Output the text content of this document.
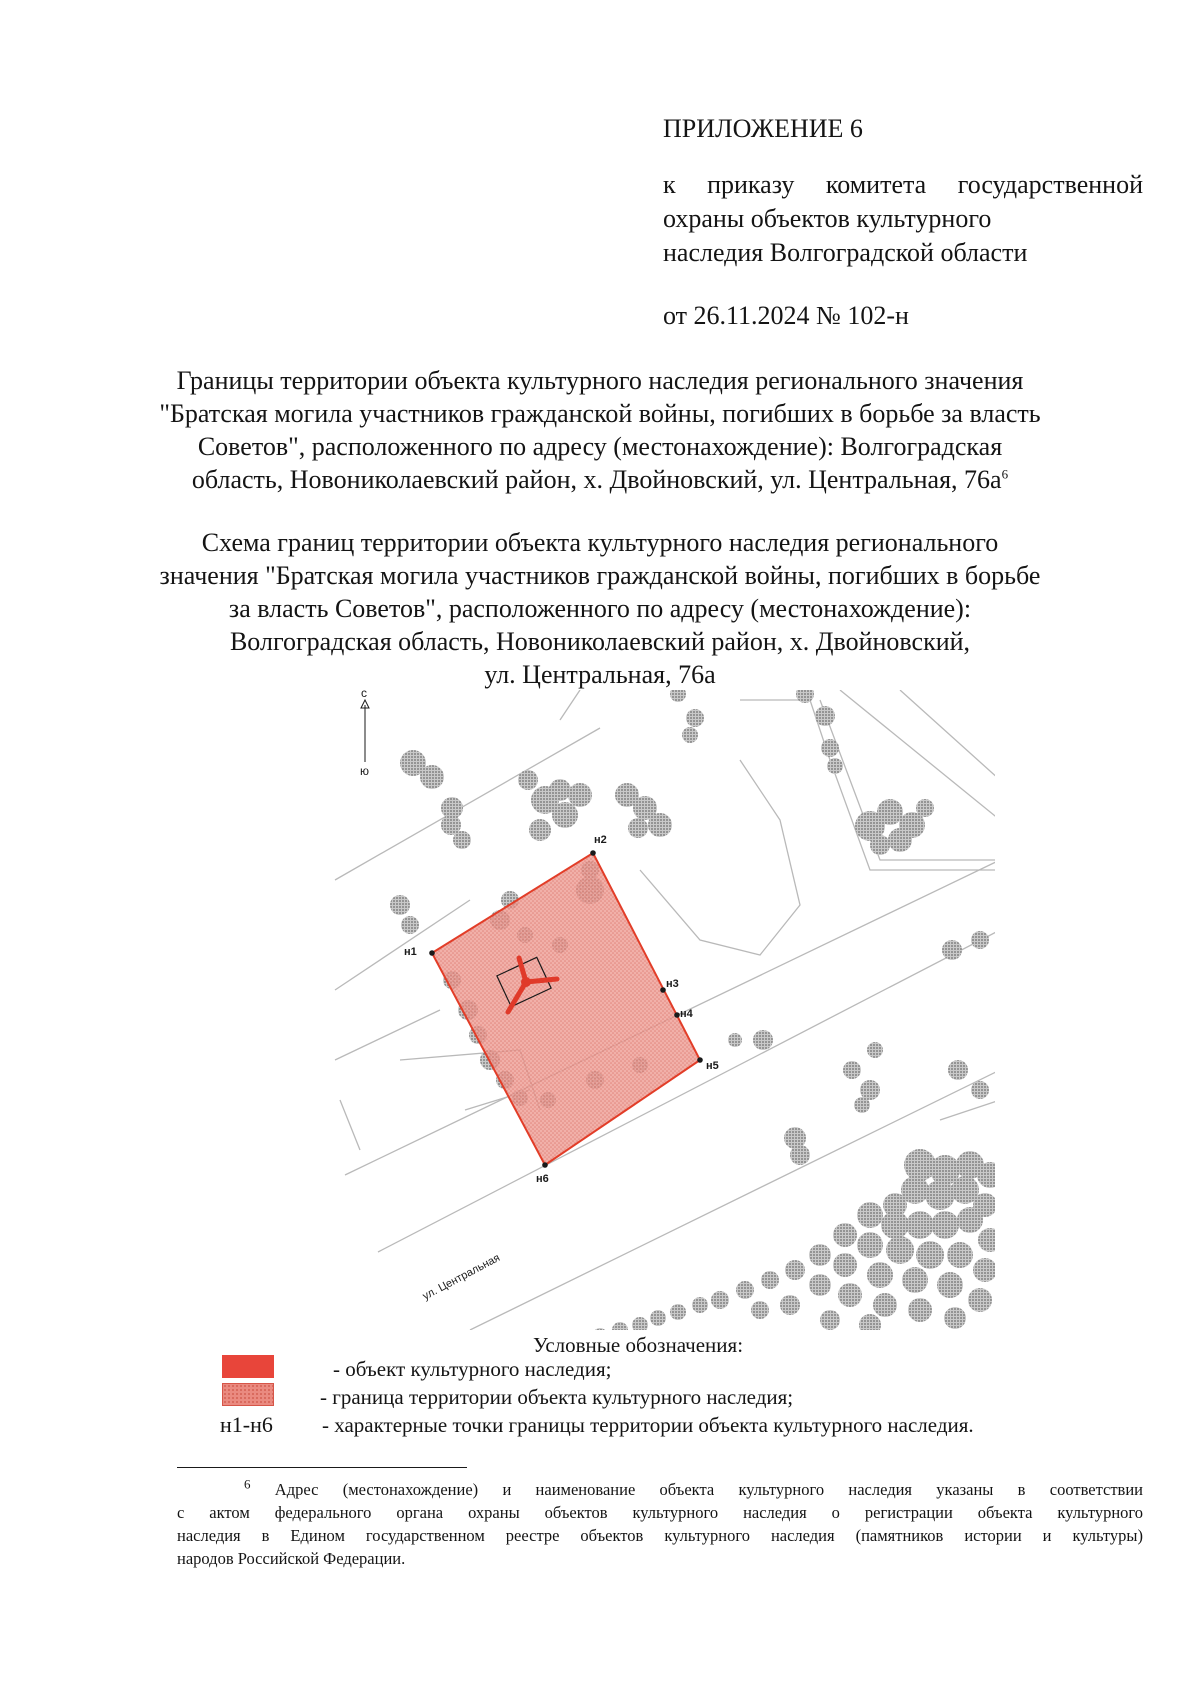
ПРИЛОЖЕНИЕ 6
к приказу комитета государственной
охраны объектов культурного
наследия Волгоградской области
от 26.11.2024 № 102-н
Границы территории объекта культурного наследия регионального значения
"Братская могила участников гражданской войны, погибших в борьбе за власть
Советов", расположенного по адресу (местонахождение): Волгоградская
область, Новониколаевский район, х. Двойновский, ул. Центральная, $76а^6$
Схема границ территории объекта культурного наследия регионального
значения "Братская могила участников гражданской войны, погибших в борьбе
за власть Советов", расположенного по адресу (местонахождение):
Волгоградская область, Новониколаевский район, х. Двойновский,
ул. Центральная, 76а
н1
н2
н3
н4
н5
н6
с
ю
ул. Центральная
Условные обозначения:
- объект культурного наследия;
- граница территории объекта культурного наследия;
н1-н6 - характерные точки границы территории объекта культурного наследия.
$^6$ Адрес (местонахождение) и наименование объекта культурного наследия указаны в соответствии
с актом федерального органа охраны объектов культурного наследия о регистрации объекта культурного
наследия в Едином государственном реестре объектов культурного наследия (памятников истории и культуры)
народов Российской Федерации.
